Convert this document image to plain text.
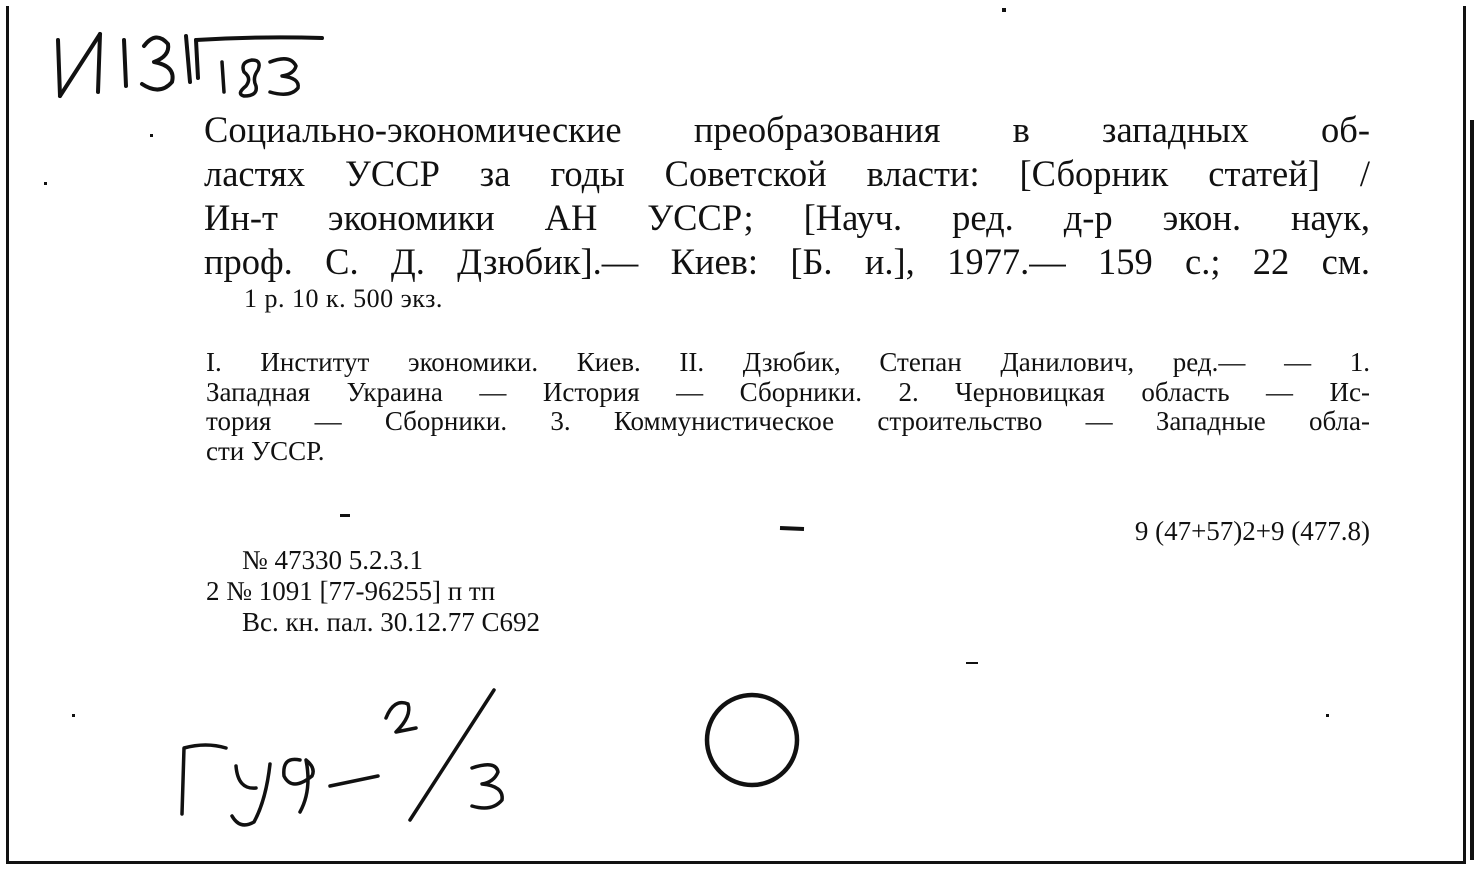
Социально-экономические преобразования в западных об-
ластях УССР за годы Советской власти: [Сборник статей] /
Ин-т экономики АН УССР; [Науч. ред. д-р экон. наук,
проф. С. Д. Дзюбик].— Киев: [Б. и.], 1977.— 159 с.; 22 см.
1 р. 10 к. 500 экз.
I. Институт экономики. Киев. II. Дзюбик, Степан Данилович, ред.— — 1.
Западная Украина — История — Сборники. 2. Черновицкая область — Ис-
тория — Сборники. 3. Коммунистическое строительство — Западные обла-
сти УССР.
9 (47+57)2+9 (477.8)
№ 47330 5.2.3.1
2 № 1091 [77-96255] п тп
Вс. кн. пал. 30.12.77 С692
